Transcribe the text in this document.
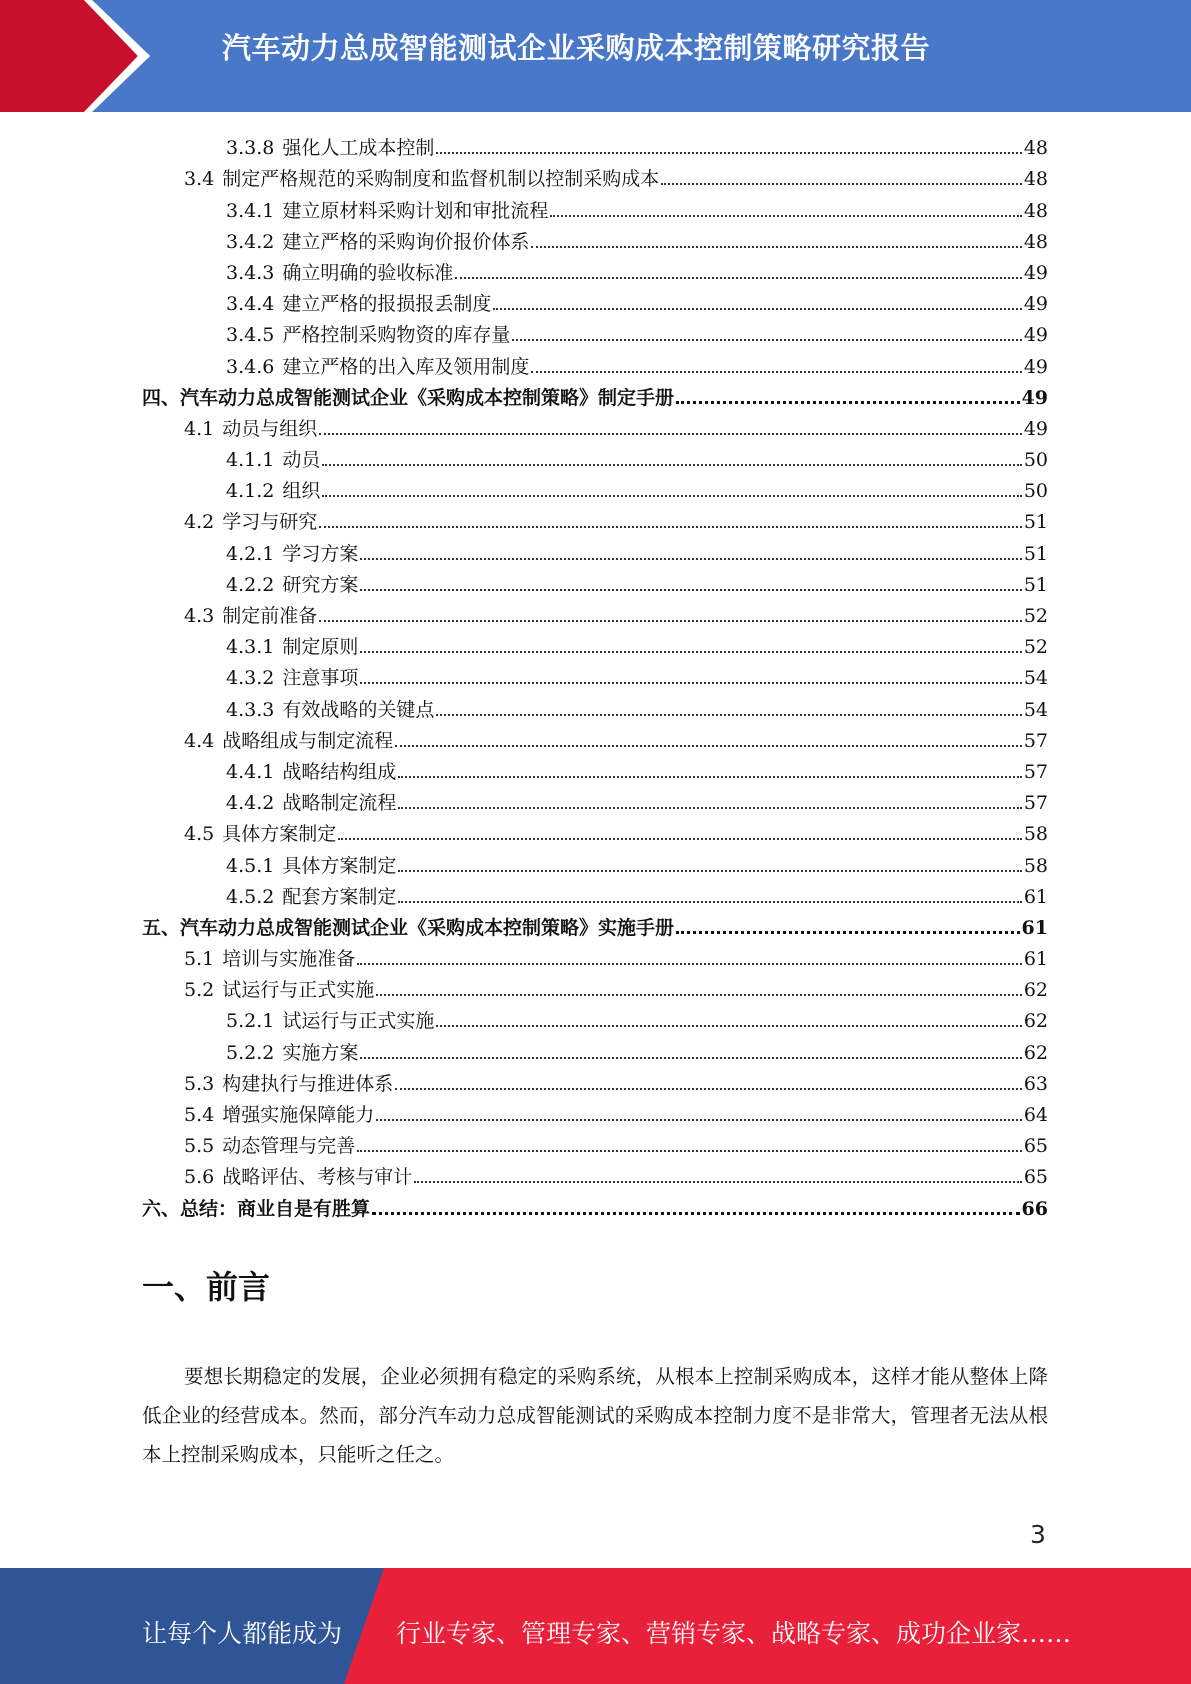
汽车动力总成智能测试企业采购成本控制策略研究报告
3.3.8 强化人工成本控制	48
3.4 制定严格规范的采购制度和监督机制以控制采购成本	48
3.4.1 建立原材料采购计划和审批流程	48
3.4.2 建立严格的采购询价报价体系	48
3.4.3 确立明确的验收标准	49
3.4.4 建立严格的报损报丢制度	49
3.4.5 严格控制采购物资的库存量	49
3.4.6 建立严格的出入库及领用制度	49
四、汽车动力总成智能测试企业《采购成本控制策略》制定手册	49
4.1 动员与组织	49
4.1.1 动员	50
4.1.2 组织	50
4.2 学习与研究	51
4.2.1 学习方案	51
4.2.2 研究方案	51
4.3 制定前准备	52
4.3.1 制定原则	52
4.3.2 注意事项	54
4.3.3 有效战略的关键点	54
4.4 战略组成与制定流程	57
4.4.1 战略结构组成	57
4.4.2 战略制定流程	57
4.5 具体方案制定	58
4.5.1 具体方案制定	58
4.5.2 配套方案制定	61
五、汽车动力总成智能测试企业《采购成本控制策略》实施手册	61
5.1 培训与实施准备	61
5.2 试运行与正式实施	62
5.2.1 试运行与正式实施	62
5.2.2 实施方案	62
5.3 构建执行与推进体系	63
5.4 增强实施保障能力	64
5.5 动态管理与完善	65
5.6 战略评估、考核与审计	65
六、总结：商业自是有胜算	66
一、前言
要想长期稳定的发展，企业必须拥有稳定的采购系统，从根本上控制采购成本，这样才能从整体上降低企业的经营成本。然而，部分汽车动力总成智能测试的采购成本控制力度不是非常大，管理者无法从根本上控制采购成本，只能听之任之。
3
让每个人都能成为 行业专家、管理专家、营销专家、战略专家、成功企业家……
